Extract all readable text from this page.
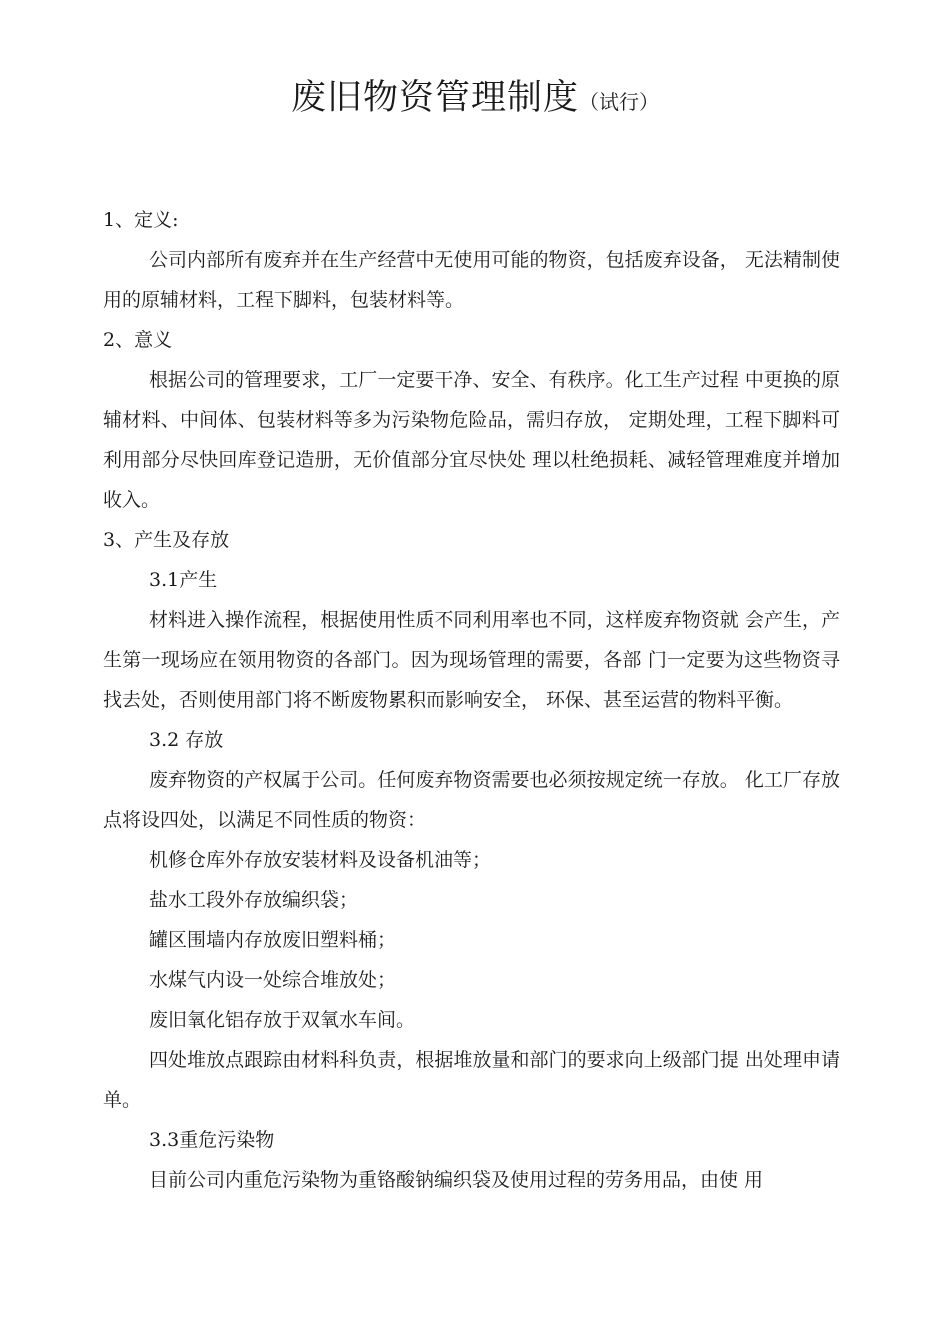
废旧物资管理制度（试行）

1、定义:

公司内部所有废弃并在生产经营中无使用可能的物资，包括废弃设备， 无法精制使用的原辅材料，工程下脚料，包装材料等。

2、意义

根据公司的管理要求，工厂一定要干净、安全、有秩序。化工生产过程 中更换的原辅材料、中间体、包装材料等多为污染物危险品，需归存放， 定期处理，工程下脚料可利用部分尽快回库登记造册，无价值部分宜尽快处 理以杜绝损耗、减轻管理难度并增加收入。

3、产生及存放

3.1产生

材料进入操作流程，根据使用性质不同利用率也不同，这样废弃物资就 会产生，产生第一现场应在领用物资的各部门。因为现场管理的需要，各部 门一定要为这些物资寻找去处，否则使用部门将不断废物累积而影响安全， 环保、甚至运营的物料平衡。

3.2 存放

废弃物资的产权属于公司。任何废弃物资需要也必须按规定统一存放。 化工厂存放点将设四处，以满足不同性质的物资：

机修仓库外存放安装材料及设备机油等；

盐水工段外存放编织袋；

罐区围墙内存放废旧塑料桶；

水煤气内设一处综合堆放处；

废旧氧化铝存放于双氧水车间。

四处堆放点跟踪由材料科负责，根据堆放量和部门的要求向上级部门提 出处理申请单。

3.3重危污染物

目前公司内重危污染物为重铬酸钠编织袋及使用过程的劳务用品，由使 用
